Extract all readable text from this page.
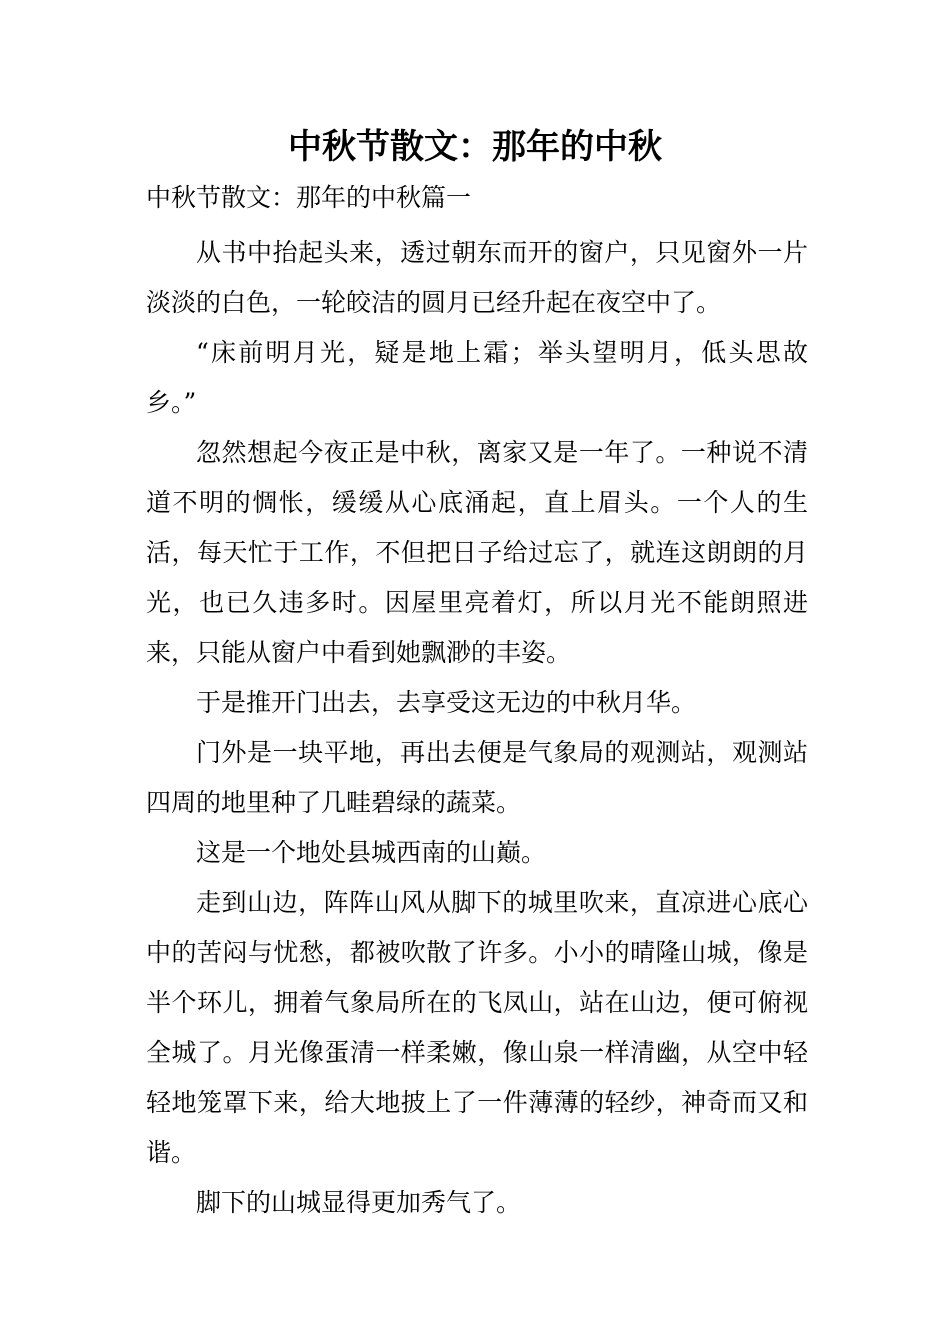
中秋节散文：那年的中秋
中秋节散文：那年的中秋篇一

从书中抬起头来，透过朝东而开的窗户，只见窗外一片淡淡的白色，一轮皎洁的圆月已经升起在夜空中了。

“床前明月光，疑是地上霜；举头望明月，低头思故乡。”

忽然想起今夜正是中秋，离家又是一年了。一种说不清道不明的惆怅，缓缓从心底涌起，直上眉头。一个人的生活，每天忙于工作，不但把日子给过忘了，就连这朗朗的月光，也已久违多时。因屋里亮着灯，所以月光不能朗照进来，只能从窗户中看到她飘渺的丰姿。

于是推开门出去，去享受这无边的中秋月华。

门外是一块平地，再出去便是气象局的观测站，观测站四周的地里种了几畦碧绿的蔬菜。

这是一个地处县城西南的山巅。

走到山边，阵阵山风从脚下的城里吹来，直凉进心底心中的苦闷与忧愁，都被吹散了许多。小小的晴隆山城，像是半个环儿，拥着气象局所在的飞凤山，站在山边，便可俯视全城了。月光像蛋清一样柔嫩，像山泉一样清幽，从空中轻轻地笼罩下来，给大地披上了一件薄薄的轻纱，神奇而又和谐。

脚下的山城显得更加秀气了。
